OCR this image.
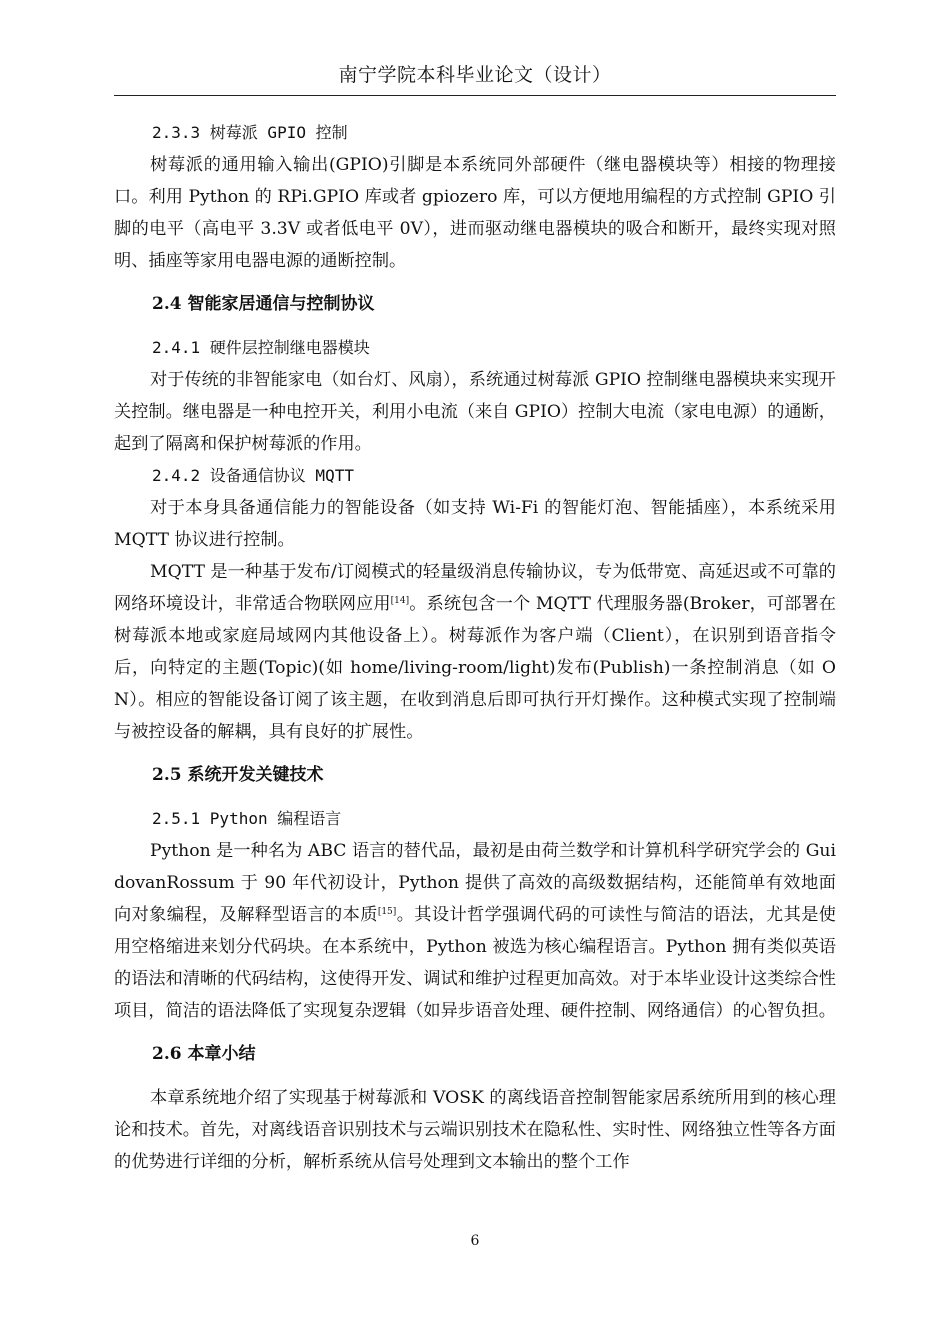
南宁学院本科毕业论文（设计）
2.3.3 树莓派 GPIO 控制

树莓派的通用输入输出(GPIO)引脚是本系统同外部硬件（继电器模块等）相接的物理接口。利用 Python 的 RPi.GPIO 库或者 gpiozero 库，可以方便地用编程的方式控制 GPIO 引脚的电平（高电平 3.3V 或者低电平 0V），进而驱动继电器模块的吸合和断开，最终实现对照明、插座等家用电器电源的通断控制。

2.4 智能家居通信与控制协议
2.4.1 硬件层控制继电器模块

对于传统的非智能家电（如台灯、风扇），系统通过树莓派 GPIO 控制继电器模块来实现开关控制。继电器是一种电控开关，利用小电流（来自 GPIO）控制大电流（家电电源）的通断，起到了隔离和保护树莓派的作用。

2.4.2 设备通信协议 MQTT

对于本身具备通信能力的智能设备（如支持 Wi-Fi 的智能灯泡、智能插座），本系统采用 MQTT 协议进行控制。

MQTT 是一种基于发布/订阅模式的轻量级消息传输协议，专为低带宽、高延迟或不可靠的网络环境设计，非常适合物联网应用[14]。系统包含一个 MQTT 代理服务器(Broker，可部署在树莓派本地或家庭局域网内其他设备上）。树莓派作为客户端（Client），在识别到语音指令后，向特定的主题(Topic)(如 home/living-room/light)发布(Publish)一条控制消息（如 ON）。相应的智能设备订阅了该主题，在收到消息后即可执行开灯操作。这种模式实现了控制端与被控设备的解耦，具有良好的扩展性。

2.5 系统开发关键技术
2.5.1 Python 编程语言

Python 是一种名为 ABC 语言的替代品，最初是由荷兰数学和计算机科学研究学会的 GuidovanRossum 于 90 年代初设计，Python 提供了高效的高级数据结构，还能简单有效地面向对象编程，及解释型语言的本质[15]。其设计哲学强调代码的可读性与简洁的语法，尤其是使用空格缩进来划分代码块。在本系统中，Python 被选为核心编程语言。Python 拥有类似英语的语法和清晰的代码结构，这使得开发、调试和维护过程更加高效。对于本毕业设计这类综合性项目，简洁的语法降低了实现复杂逻辑（如异步语音处理、硬件控制、网络通信）的心智负担。

2.6 本章小结

本章系统地介绍了实现基于树莓派和 VOSK 的离线语音控制智能家居系统所用到的核心理论和技术。首先，对离线语音识别技术与云端识别技术在隐私性、实时性、网络独立性等各方面的优势进行详细的分析，解析系统从信号处理到文本输出的整个工作

6
